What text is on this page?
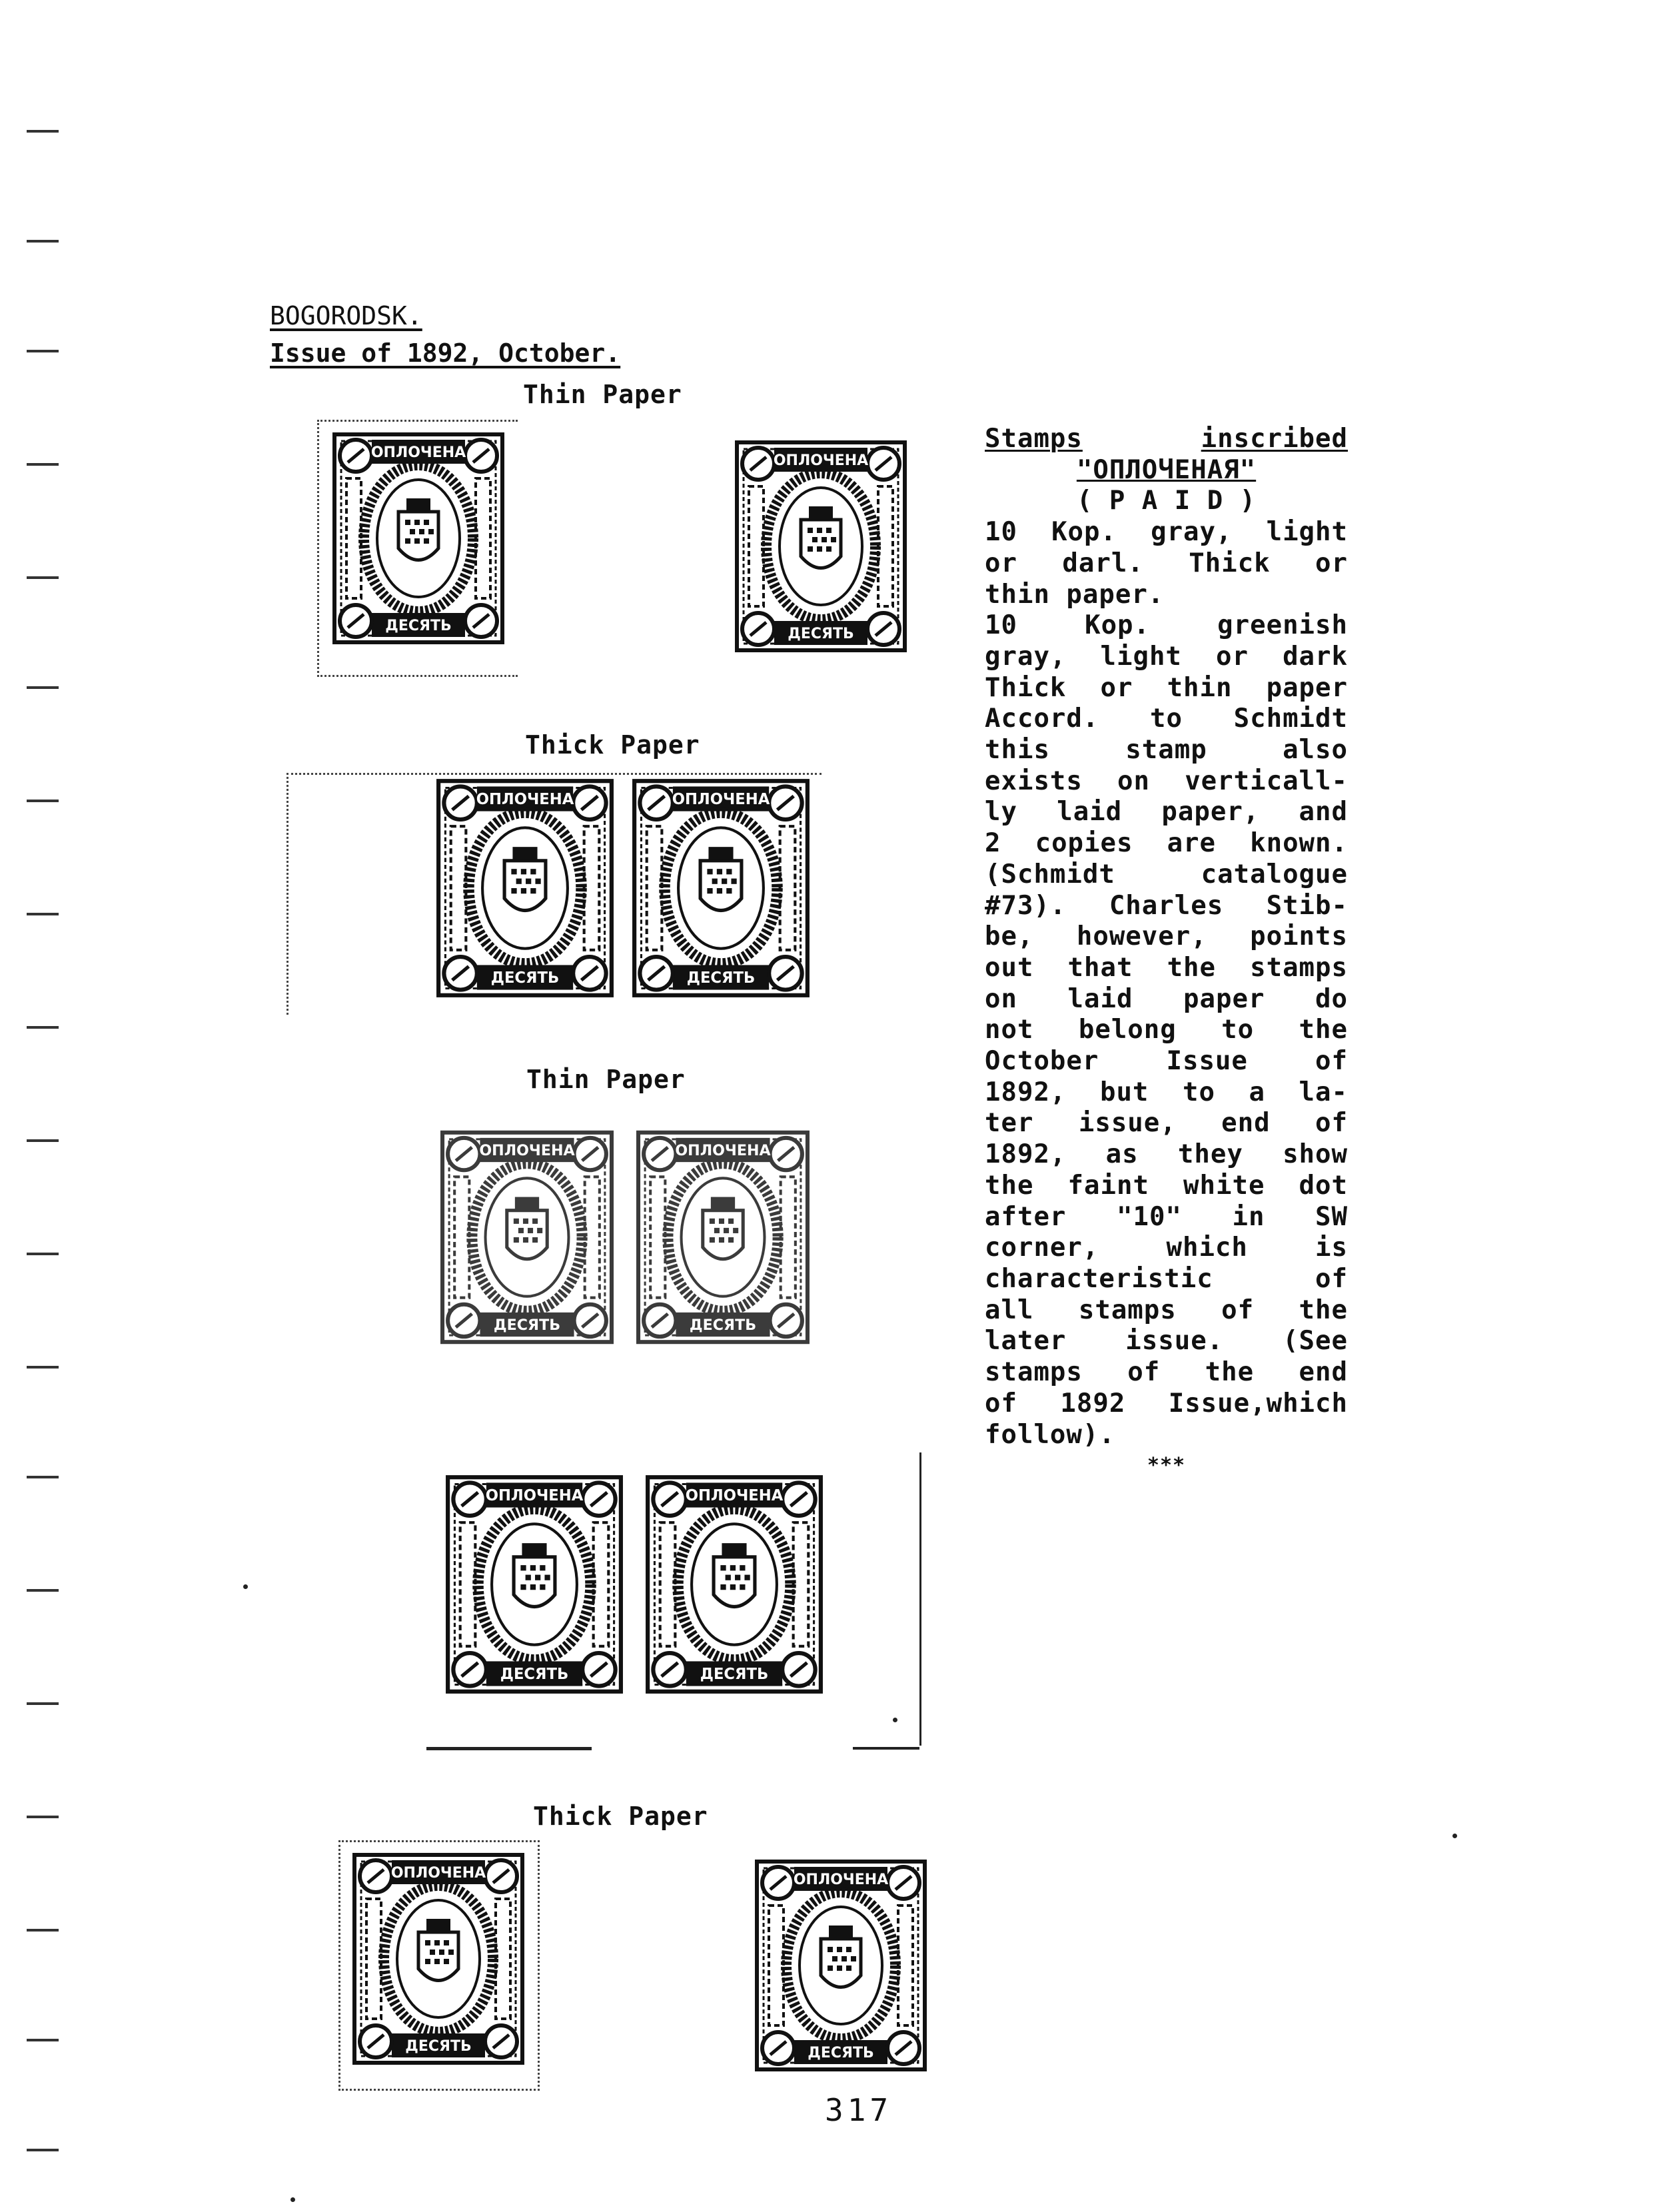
BOGORODSK.
Issue of 1892, October.
Thin Paper
Thick Paper
Thin Paper
Thick Paper
ОПЛОЧЕНА
ДЕСЯТЬ
ОПЛОЧЕНА
ДЕСЯТЬ
ОПЛОЧЕНА
ДЕСЯТЬ
ОПЛОЧЕНА
ДЕСЯТЬ
ОПЛОЧЕНА
ДЕСЯТЬ
ОПЛОЧЕНА
ДЕСЯТЬ
ОПЛОЧЕНА
ДЕСЯТЬ
ОПЛОЧЕНА
ДЕСЯТЬ
ОПЛОЧЕНА
ДЕСЯТЬ
ОПЛОЧЕНА
ДЕСЯТЬ

Stamps	inscribed

"ОПЛОЧЕНАЯ"

( P A I D )

10 Kop. gray, light

or darl. Thick or

thin paper.

10 Kop. greenish

gray, light or dark

Thick or thin paper

Accord. to Schmidt

this stamp also

exists on verticall-

ly laid paper, and

2 copies are known.

(Schmidt catalogue

#73). Charles Stib-

be, however, points

out that the stamps

on laid paper do

not belong to the

October Issue of

1892, but to a la-

ter issue, end of

1892, as they show

the faint white dot

after "10" in SW

corner, which is

characteristic of

all stamps of the

later issue. (See

stamps of the end

of 1892 Issue,which

follow).

***

317
